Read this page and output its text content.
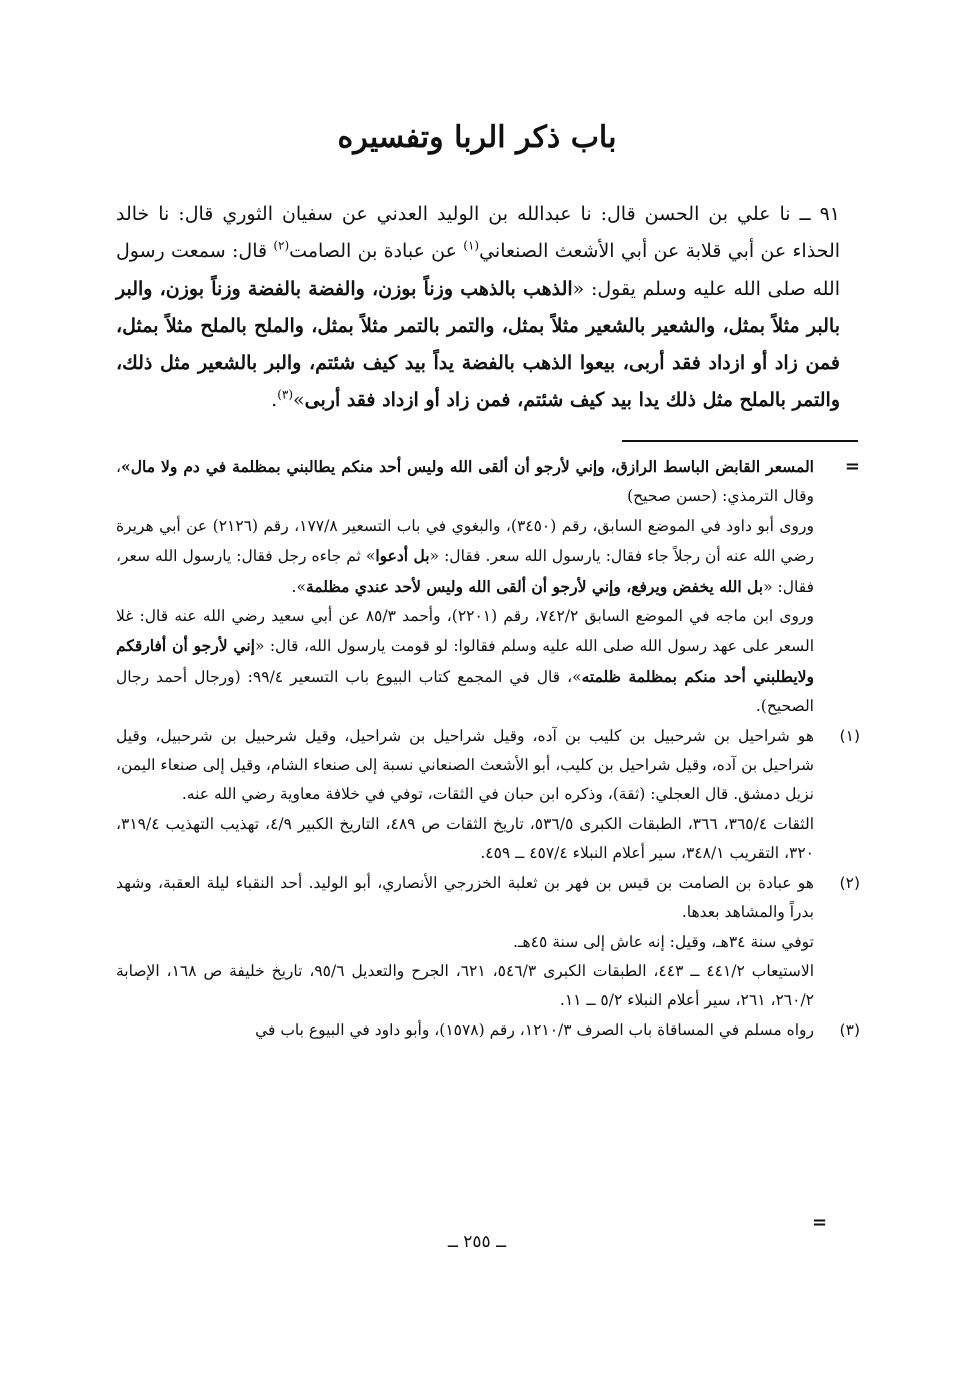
باب ذكر الربا وتفسيره

٩١ ــ نا علي بن الحسن قال: نا عبدالله بن الوليد العدني عن سفيان الثوري قال: نا خالد الحذاء عن أبي قلابة عن أبي الأشعث الصنعاني$^{(١)}$ عن عبادة بن الصامت$^{(٢)}$ قال: سمعت رسول الله صلى الله عليه وسلم يقول: «الذهب بالذهب وزناً بوزن، والفضة بالفضة وزناً بوزن، والبر بالبر مثلاً بمثل، والشعير بالشعير مثلاً بمثل، والتمر بالتمر مثلاً بمثل، والملح بالملح مثلاً بمثل، فمن زاد أو ازداد فقد أربى، بيعوا الذهب بالفضة يداً بيد كيف شئتم، والبر بالشعير مثل ذلك، والتمر بالملح مثل ذلك يدا بيد كيف شئتم، فمن زاد أو ازداد فقد أربى»$^{(٣)}$.

=

المسعر القابض الباسط الرازق، وإني لأرجو أن ألقى الله وليس أحد منكم يطالبني بمظلمة في دم ولا مال»، وقال الترمذي: (حسن صحيح)

وروى أبو داود في الموضع السابق، رقم (٣٤٥٠)، والبغوي في باب التسعير ١٧٧/٨، رقم (٢١٢٦) عن أبي هريرة رضي الله عنه أن رجلاً جاء فقال: يارسول الله سعر. فقال: «بل أدعوا» ثم جاءه رجل فقال: يارسول الله سعر، فقال: «بل الله يخفض ويرفع، وإني لأرجو أن ألقى الله وليس لأحد عندي مظلمة».

وروى ابن ماجه في الموضع السابق ٧٤٢/٢، رقم (٢٢٠١)، وأحمد ٨٥/٣ عن أبي سعيد رضي الله عنه قال: غلا السعر على عهد رسول الله صلى الله عليه وسلم فقالوا: لو قومت يارسول الله، قال: «إني لأرجو أن أفارقكم ولايطلبني أحد منكم بمظلمة ظلمته»، قال في المجمع كتاب البيوع باب التسعير ٩٩/٤: (ورجال أحمد رجال الصحيح).

(١)

هو شراحيل بن شرحبيل بن كليب بن آده، وقيل شراحيل بن شراحيل، وقيل شرحبيل بن شرحبيل، وقيل شراحيل بن آده، وقيل شراحيل بن كليب، أبو الأشعث الصنعاني نسبة إلى صنعاء الشام، وقيل إلى صنعاء اليمن، نزيل دمشق. قال العجلي: (ثقة)، وذكره ابن حبان في الثقات، توفي في خلافة معاوية رضي الله عنه.

الثقات ٣٦٥/٤، ٣٦٦، الطبقات الكبرى ٥٣٦/٥، تاريخ الثقات ص ٤٨٩، التاريخ الكبير ٤/٩، تهذيب التهذيب ٣١٩/٤، ٣٢٠، التقريب ٣٤٨/١، سير أعلام النبلاء ٤٥٧/٤ ــ ٤٥٩.

(٢)

هو عبادة بن الصامت بن قيس بن فهر بن ثعلبة الخزرجي الأنصاري، أبو الوليد. أحد النقباء ليلة العقبة، وشهد بدراً والمشاهد بعدها.

توفي سنة ٣٤هـ، وقيل: إنه عاش إلى سنة ٤٥هـ.

الاستيعاب ٤٤١/٢ ــ ٤٤٣، الطبقات الكبرى ٥٤٦/٣، ٦٢١، الجرح والتعديل ٩٥/٦، تاريخ خليفة ص ١٦٨، الإصابة ٢٦٠/٢، ٢٦١، سير أعلام النبلاء ٥/٢ ــ ١١.

(٣)

رواه مسلم في المساقاة باب الصرف ١٢١٠/٣، رقم (١٥٧٨)، وأبو داود في البيوع باب في

=
ــ ٢٥٥ ــ
